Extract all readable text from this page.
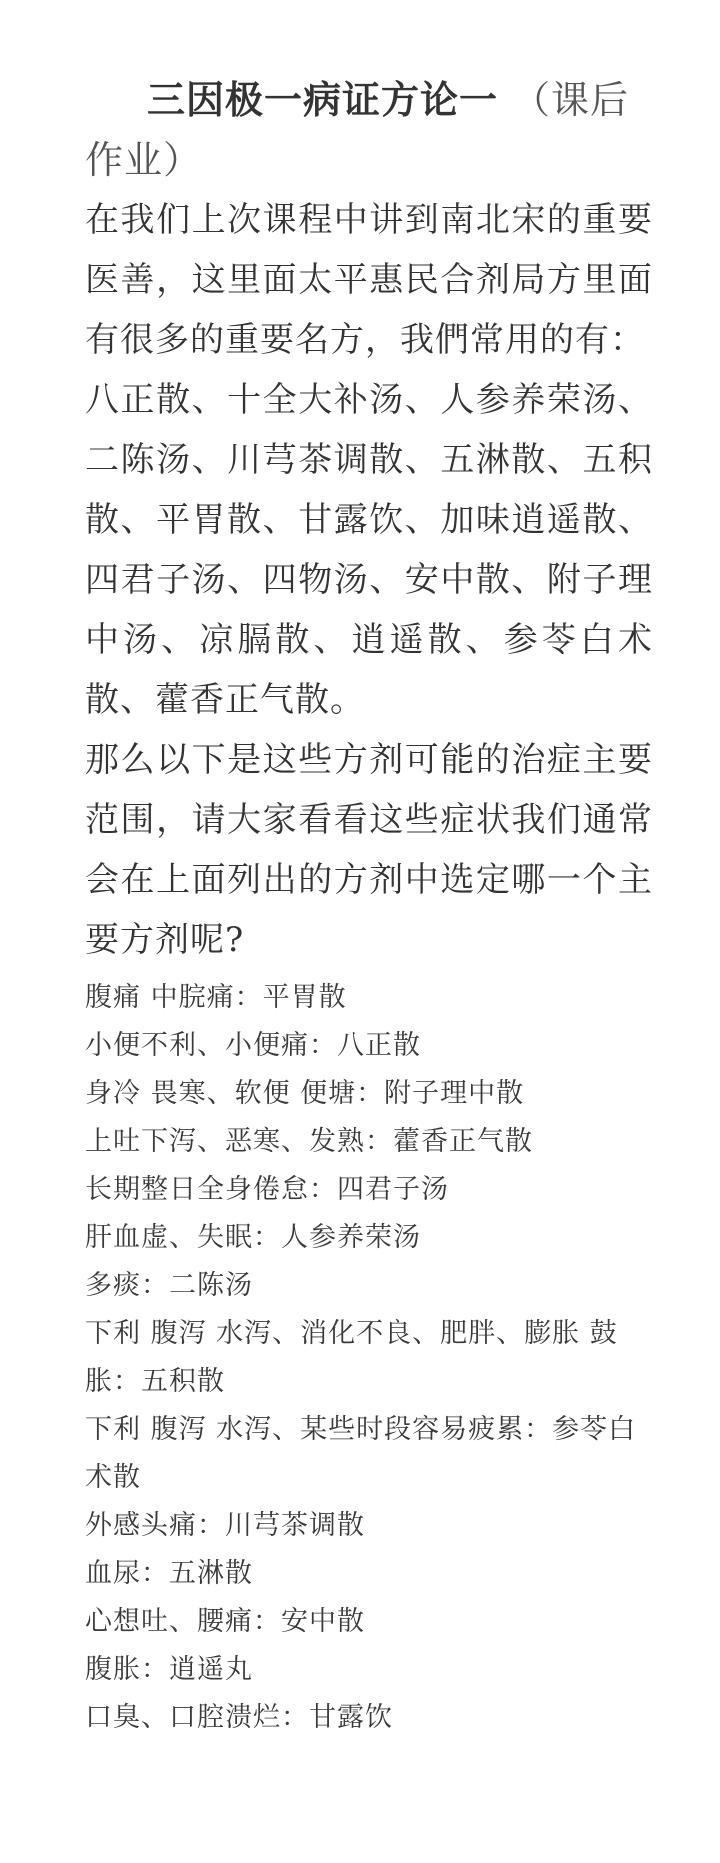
三因极一病证方论一 （课后作业）

在我们上次课程中讲到南北宋的重要医善，这里面太平惠民合剂局方里面有很多的重要名方，我們常用的有：

八正散、十全大补汤、人参养荣汤、二陈汤、川芎茶调散、五淋散、五积散、平胃散、甘露饮、加味逍遥散、四君子汤、四物汤、安中散、附子理中汤、凉膈散、逍遥散、参苓白术散、藿香正气散。

那么以下是这些方剂可能的治症主要范围，请大家看看这些症状我们通常会在上面列出的方剂中选定哪一个主要方剂呢?

腹痛 中脘痛：平胃散
小便不利、小便痛：八正散
身冷 畏寒、软便 便塘：附子理中散
上吐下泻、恶寒、发熟：藿香正气散
长期整日全身倦怠：四君子汤
肝血虚、失眠：人参养荣汤
多痰：二陈汤
下利 腹泻 水泻、消化不良、肥胖、膨胀 鼓胀：五积散
下利 腹泻 水泻、某些时段容易疲累：参苓白术散
外感头痛：川芎茶调散
血尿：五淋散
心想吐、腰痛：安中散
腹胀：逍遥丸
口臭、口腔溃烂：甘露饮
